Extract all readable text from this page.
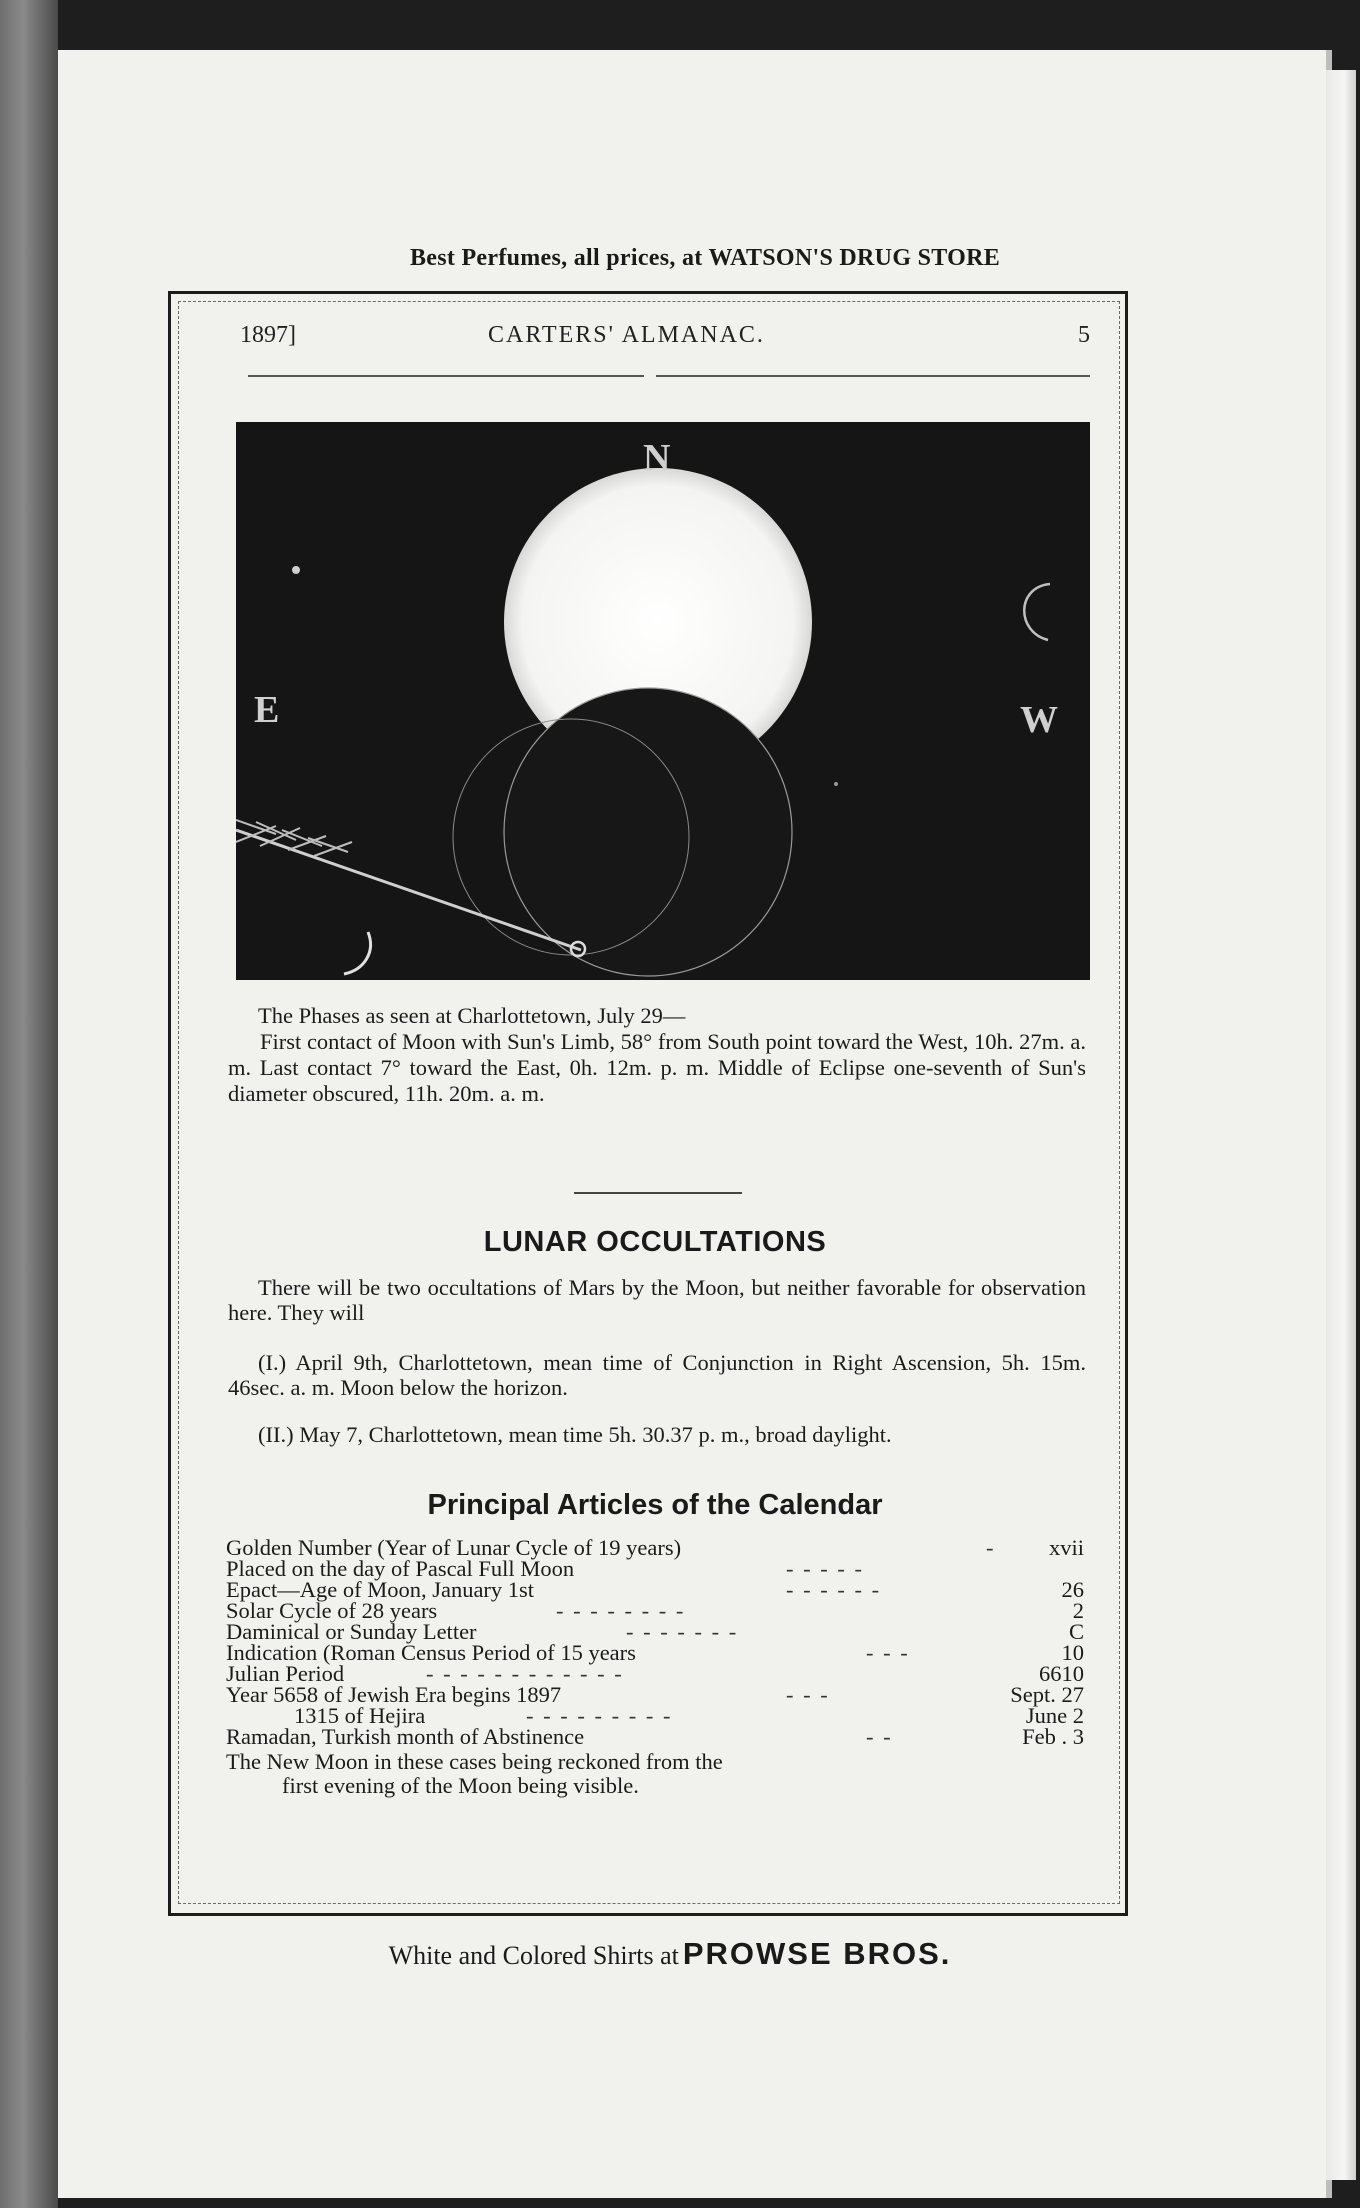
Best Perfumes, all prices, at WATSON'S DRUG STORE
1897]	CARTERS' ALMANAC.	5
N
E	W

The Phases as seen at Charlottetown, July 29—

First contact of Moon with Sun's Limb, 58° from South point toward the West, 10h. 27m. a. m. Last contact 7° toward the East, 0h. 12m. p. m. Middle of Eclipse one-seventh of Sun's diameter obscured, 11h. 20m. a. m.

LUNAR OCCULTATIONS

There will be two occultations of Mars by the Moon, but neither favorable for observation here. They will

(I.) April 9th, Charlottetown, mean time of Conjunction in Right Ascension, 5h. 15m. 46sec. a. m. Moon below the horizon.

(II.) May 7, Charlottetown, mean time 5h. 30.37 p. m., broad daylight.

Principal Articles of the Calendar
Golden Number (Year of Lunar Cycle of 19 years)	- xvii
Placed on the day of Pascal Full Moon	- - - - -
Epact—Age of Moon, January 1st	- - - - - -	26
Solar Cycle of 28 years	- - - - - - - -	2
Daminical or Sunday Letter	- - - - - - -	C
Indication (Roman Census Period of 15 years	- - -	10
Julian Period	- - - - - - - - - - - -	6610
Year 5658 of Jewish Era begins 1897	- - -	Sept. 27
1315 of Hejira	- - - - - - - - -	June 2
Ramadan, Turkish month of Abstinence	- -	Feb . 3
The New Moon in these cases being reckoned from the
first evening of the Moon being visible.
White and Colored Shirts at PROWSE BROS.
